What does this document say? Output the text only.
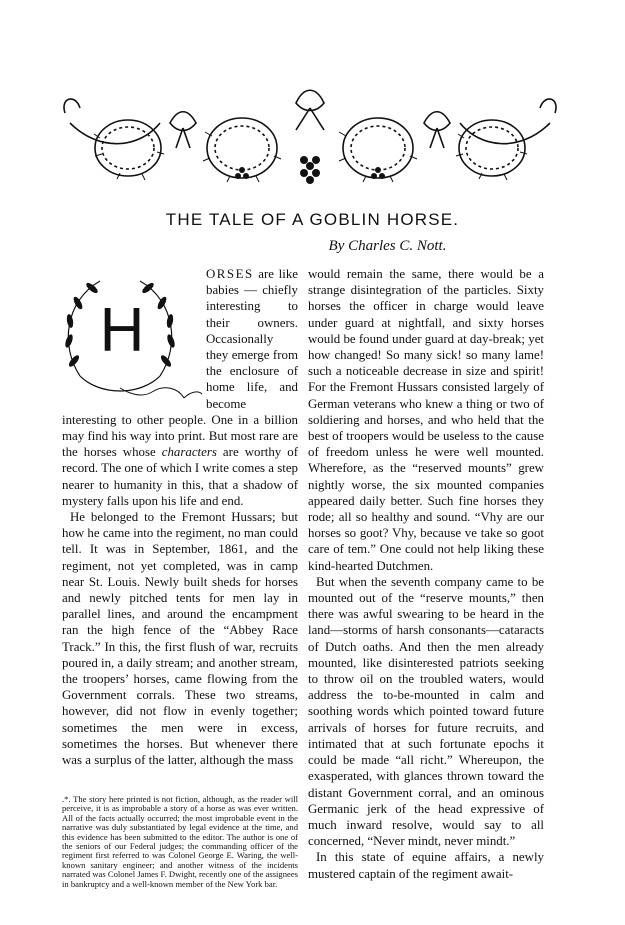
THE TALE OF A GOBLIN HORSE.
By Charles C. Nott.
H

ORSES are like babies — chiefly interesting to their owners. Occasionally they emerge from the enclosure of home life, and become interesting to other people. One in a billion may find his way into print. But most rare are the horses whose characters are worthy of record. The one of which I write comes a step nearer to humanity in this, that a shadow of mystery falls upon his life and end.

He belonged to the Fremont Hussars; but how he came into the regiment, no man could tell. It was in September, 1861, and the regiment, not yet completed, was in camp near St. Louis. Newly built sheds for horses and newly pitched tents for men lay in parallel lines, and around the encampment ran the high fence of the “Abbey Race Track.” In this, the first flush of war, recruits poured in, a daily stream; and another stream, the troopers’ horses, came flowing from the Government corrals. These two streams, however, did not flow in evenly together; sometimes the men were in excess, sometimes the horses. But whenever there was a surplus of the latter, although the mass

.*. The story here printed is not fiction, although, as the reader will perceive, it is as improbable a story of a horse as was ever written. All of the facts actually occurred; the most improbable event in the narrative was duly substantiated by legal evidence at the time, and this evidence has been submitted to the editor. The author is one of the seniors of our Federal judges; the commanding officer of the regiment first referred to was Colonel George E. Waring, the well-known sanitary engineer; and another witness of the incidents narrated was Colonel James F. Dwight, recently one of the assignees in bankruptcy and a well-known member of the New York bar.

would remain the same, there would be a strange disintegration of the particles. Sixty horses the officer in charge would leave under guard at nightfall, and sixty horses would be found under guard at day-break; yet how changed! So many sick! so many lame! such a noticeable decrease in size and spirit! For the Fremont Hussars consisted largely of German veterans who knew a thing or two of soldiering and horses, and who held that the best of troopers would be useless to the cause of freedom unless he were well mounted. Wherefore, as the “reserved mounts” grew nightly worse, the six mounted companies appeared daily better. Such fine horses they rode; all so healthy and sound. “Vhy are our horses so goot? Vhy, because ve take so goot care of tem.” One could not help liking these kind-hearted Dutchmen.

But when the seventh company came to be mounted out of the “reserve mounts,” then there was awful swearing to be heard in the land—storms of harsh consonants—cataracts of Dutch oaths. And then the men already mounted, like disinterested patriots seeking to throw oil on the troubled waters, would address the to-be-mounted in calm and soothing words which pointed toward future arrivals of horses for future recruits, and intimated that at such fortunate epochs it could be made “all richt.” Whereupon, the exasperated, with glances thrown toward the distant Government corral, and an ominous Germanic jerk of the head expressive of much inward resolve, would say to all concerned, “Never mindt, never mindt.”

In this state of equine affairs, a newly mustered captain of the regiment await-
